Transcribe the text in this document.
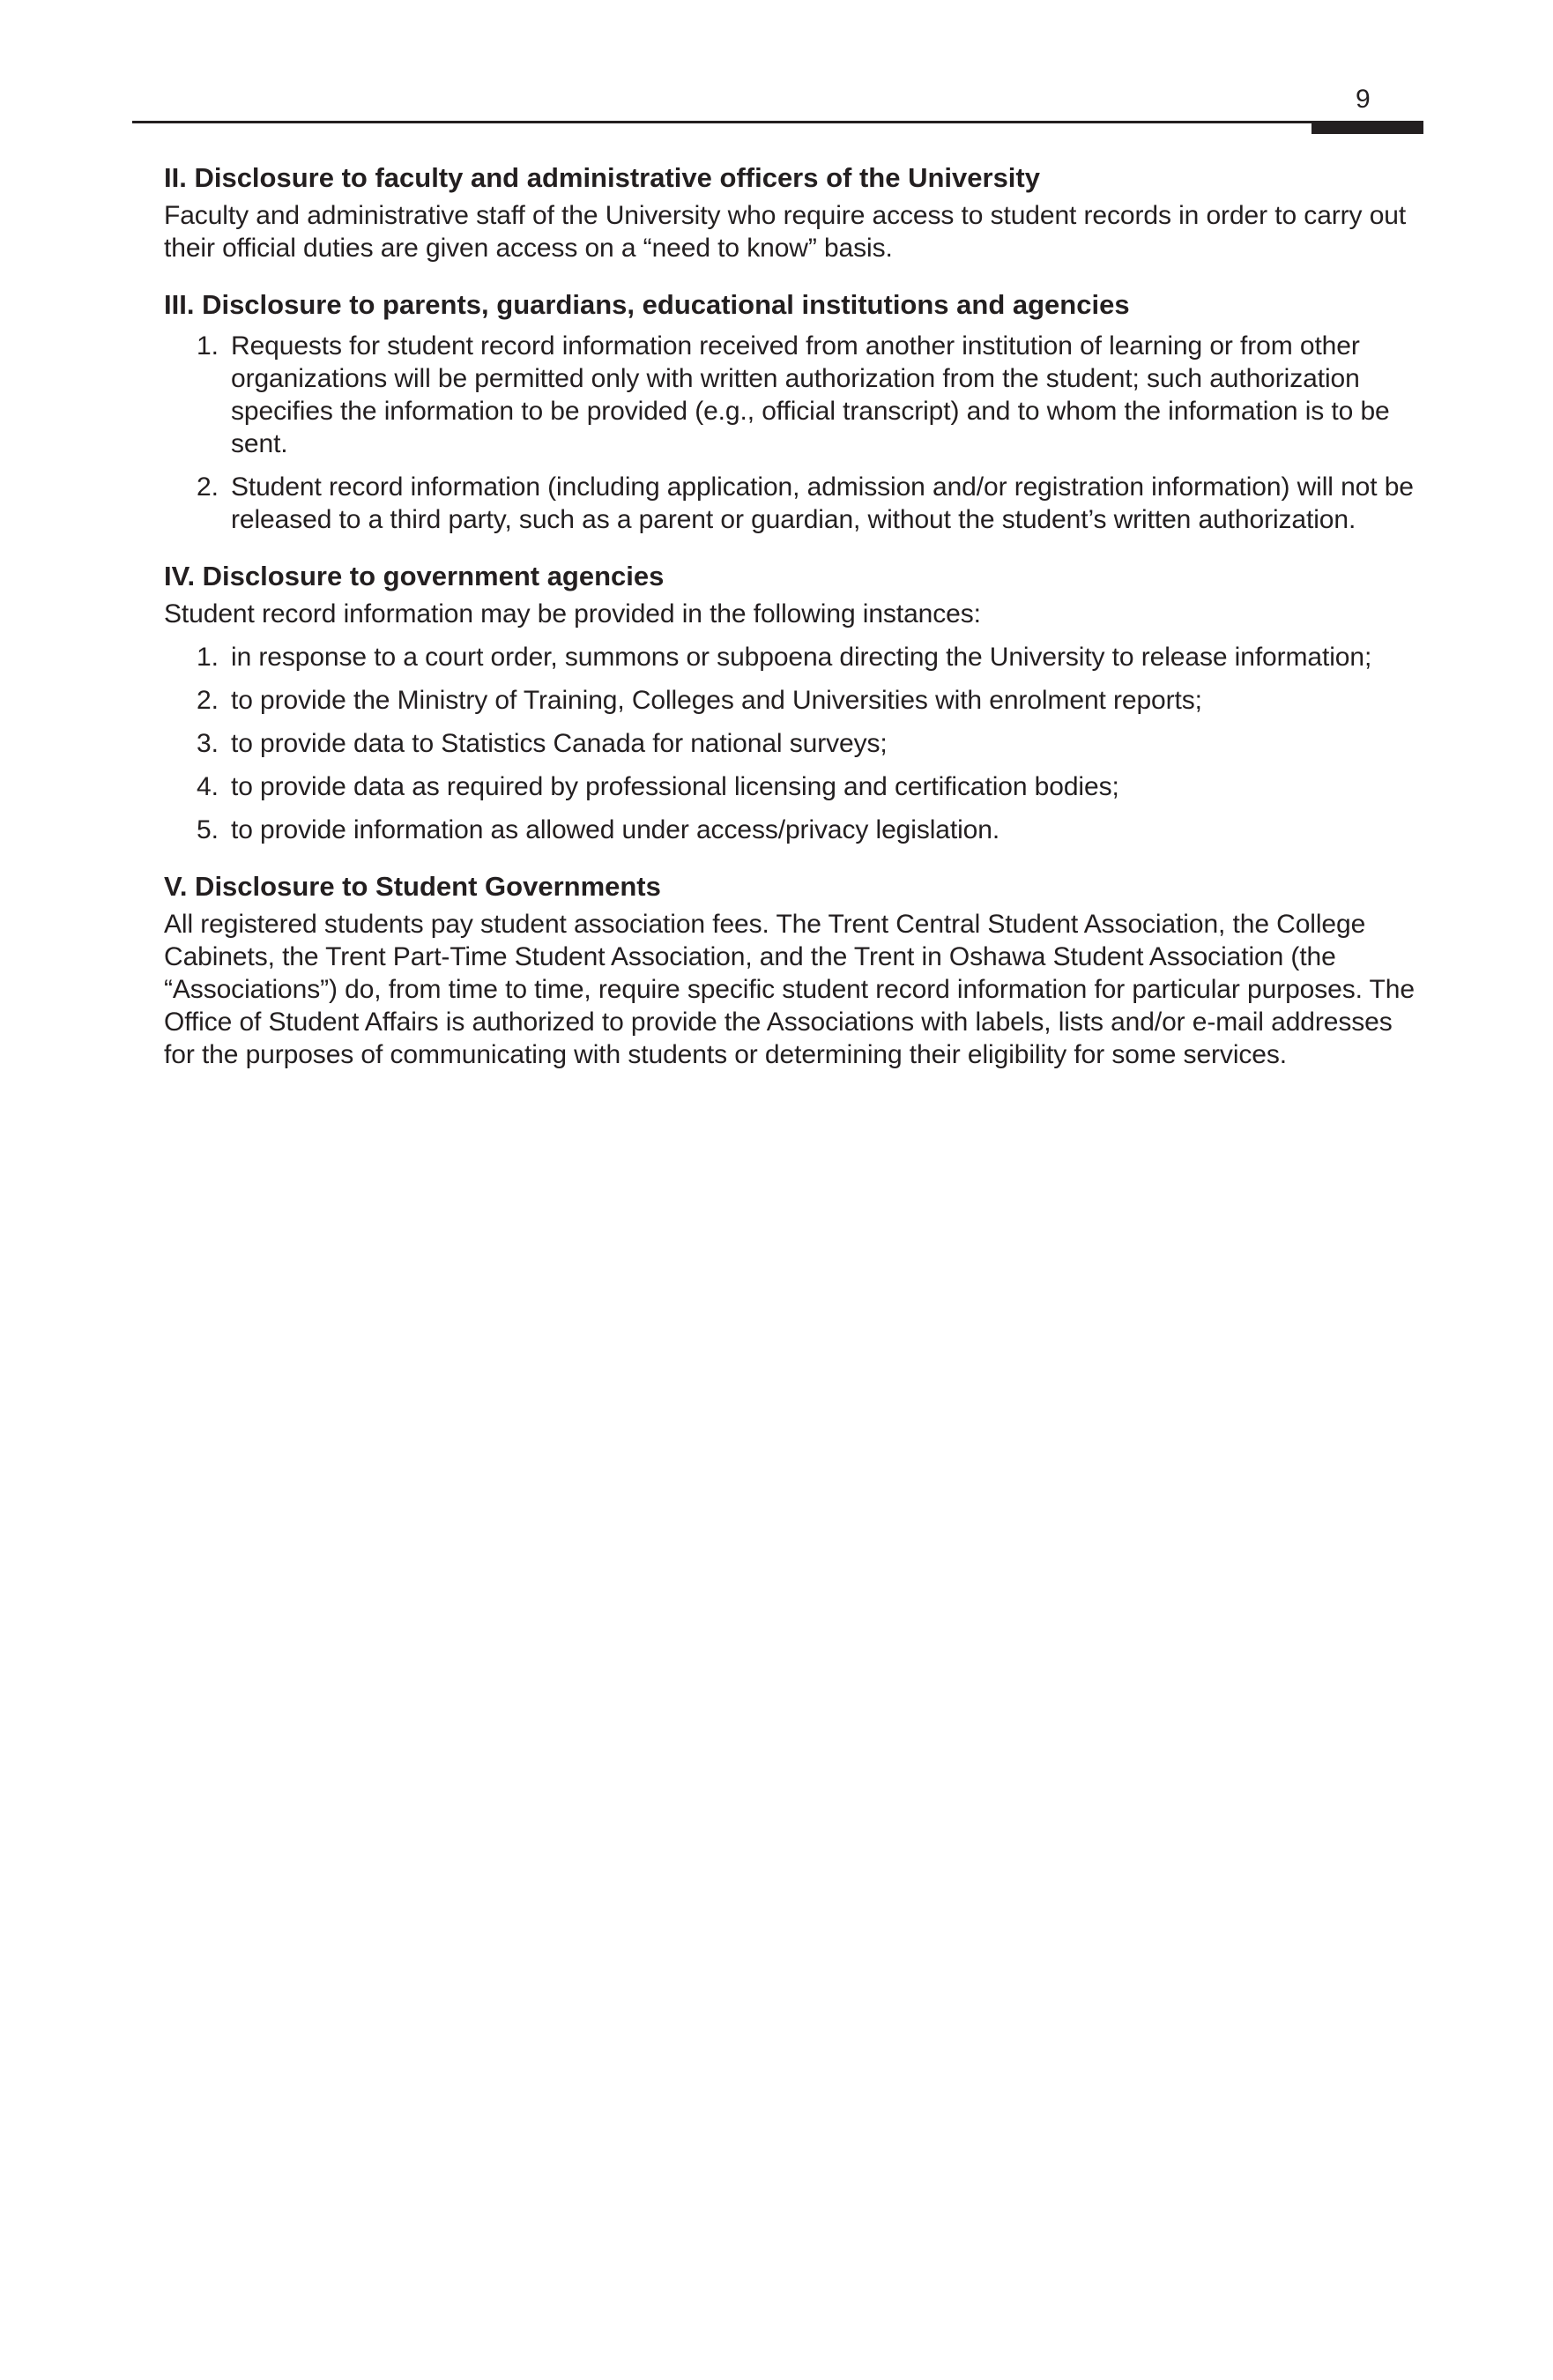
9

II. Disclosure to faculty and administrative officers of the University

Faculty and administrative staff of the University who require access to student records in order to carry out their official duties are given access on a “need to know” basis.

III. Disclosure to parents, guardians, educational institutions and agencies

1. Requests for student record information received from another institution of learning or from other organizations will be permitted only with written authorization from the student; such authorization specifies the information to be provided (e.g., official transcript) and to whom the information is to be sent.
2. Student record information (including application, admission and/or registration information) will not be released to a third party, such as a parent or guardian, without the student’s written authorization.

IV. Disclosure to government agencies

Student record information may be provided in the following instances:

1. in response to a court order, summons or subpoena directing the University to release information;
2. to provide the Ministry of Training, Colleges and Universities with enrolment reports;
3. to provide data to Statistics Canada for national surveys;
4. to provide data as required by professional licensing and certification bodies;
5. to provide information as allowed under access/privacy legislation.

V. Disclosure to Student Governments

All registered students pay student association fees. The Trent Central Student Association, the College Cabinets, the Trent Part-Time Student Association, and the Trent in Oshawa Student Association (the “Associations”) do, from time to time, require specific student record information for particular purposes. The Office of Student Affairs is authorized to provide the Associations with labels, lists and/or e-mail addresses for the purposes of communicating with students or determining their eligibility for some services.
